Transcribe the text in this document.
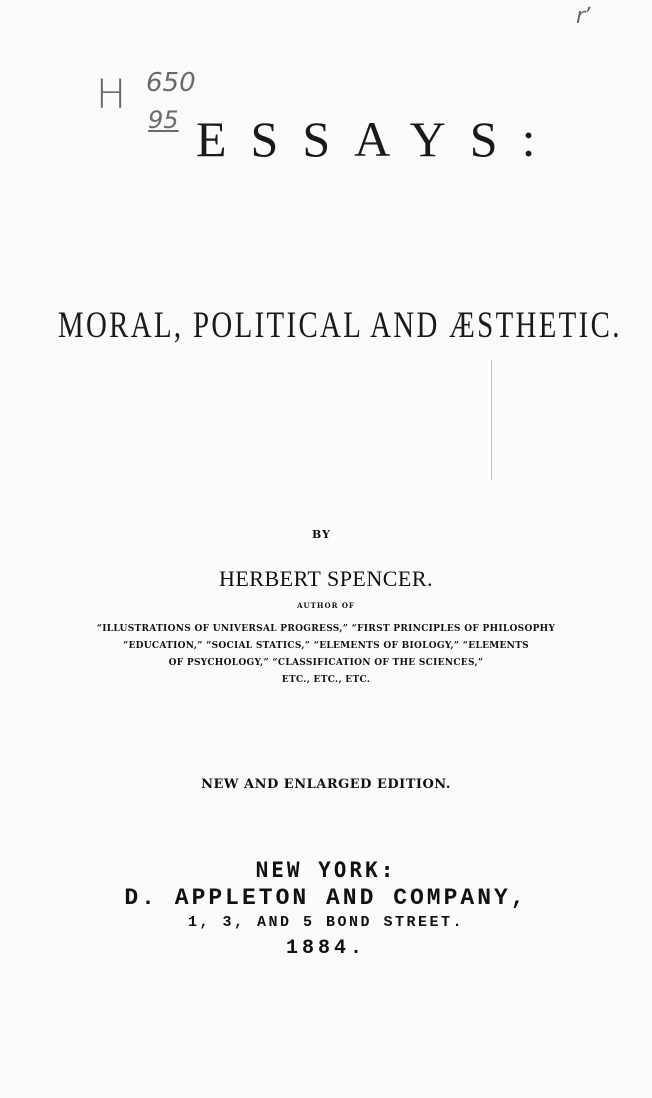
rʼ
H 650
95 ESSAYS:
MORAL, POLITICAL AND ÆSTHETIC.
BY
HERBERT SPENCER.
AUTHOR OF
“ILLUSTRATIONS OF UNIVERSAL PROGRESS,” “FIRST PRINCIPLES OF PHILOSOPHY
“EDUCATION,” “SOCIAL STATICS,” “ELEMENTS OF BIOLOGY,” “ELEMENTS
OF PSYCHOLOGY,” “CLASSIFICATION OF THE SCIENCES,”
ETC., ETC., ETC.
NEW AND ENLARGED EDITION.
NEW YORK:
D. APPLETON AND COMPANY,
1, 3, AND 5 BOND STREET.
1884.
